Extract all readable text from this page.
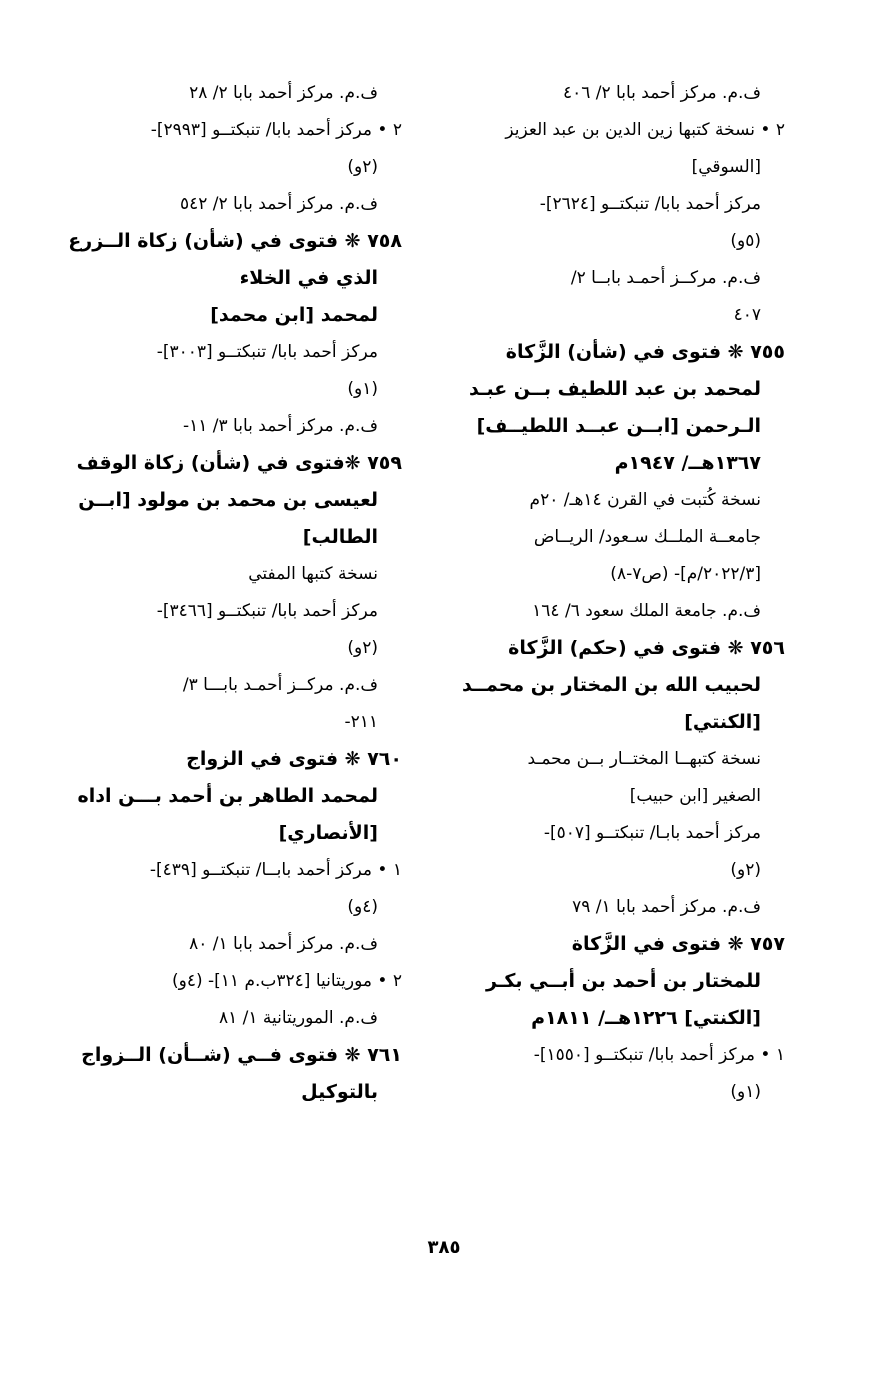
ف.م. مركز أحمد بابا ٢/ ٤٠٦
٢ • نسخة كتبها زين الدين بن عبد العزيز
[السوقي]
مركز أحمد بابا/ تنبكتــو [٢٦٢٤]-
(٥و)
ف.م. مركــز أحمـد بابــا ٢/
٤٠٧
٧٥٥ ❋ فتوى في (شأن) الزَّكاة
لمحمد بن عبد اللطيف بــن عبـد
الـرحمن [ابــن عبــد اللطيــف]
١٣٦٧هــ/ ١٩٤٧م
نسخة كُتبت في القرن ١٤هـ/ ٢٠م
جامعــة الملــك سـعود/ الريــاض
[٢٠٢٢/٣/م]- (ص٧-٨)
ف.م. جامعة الملك سعود ٦/ ١٦٤
٧٥٦ ❋ فتوى في (حكم) الزَّكاة
لحبيب الله بن المختار بن محمــد
[الكنتي]
نسخة كتبهــا المختــار بــن محمـد
الصغير [ابن حبيب]
مركز أحمد بابـا/ تنبكتــو [٥٠٧]-
(٢و)
ف.م. مركز أحمد بابا ١/ ٧٩
٧٥٧ ❋ فتوى في الزَّكاة
للمختار بن أحمد بن أبــي بكـر
[الكنتي] ١٢٢٦هــ/ ١٨١١م
١ • مركز أحمد بابا/ تنبكتــو [١٥٥٠]-
(١و)
ف.م. مركز أحمد بابا ٢/ ٢٨
٢ • مركز أحمد بابا/ تنبكتــو [٢٩٩٣]-
(٢و)
ف.م. مركز أحمد بابا ٢/ ٥٤٢
٧٥٨ ❋ فتوى في (شأن) زكاة الــزرع
الذي في الخلاء
لمحمد [ابن محمد]
مركز أحمد بابا/ تنبكتــو [٣٠٠٣]-
(١و)
ف.م. مركز أحمد بابا ٣/ ١١-
٧٥٩ ❋فتوى في (شأن) زكاة الوقف
لعيسى بن محمد بن مولود [ابــن
الطالب]
نسخة كتبها المفتي
مركز أحمد بابا/ تنبكتــو [٣٤٦٦]-
(٢و)
ف.م. مركــز أحمـد بابـــا ٣/
٢١١-
٧٦٠ ❋ فتوى في الزواج
لمحمد الطاهر بن أحمد بـــن اداه
[الأنصاري]
١ • مركز أحمد بابــا/ تنبكتــو [٤٣٩]-
(٤و)
ف.م. مركز أحمد بابا ١/ ٨٠
٢ • موريتانيا [٣٢٤ب.م ١١]- (٤و)
ف.م. الموريتانية ١/ ٨١
٧٦١ ❋ فتوى فــي (شــأن) الــزواج
بالتوكيل
٣٨٥
